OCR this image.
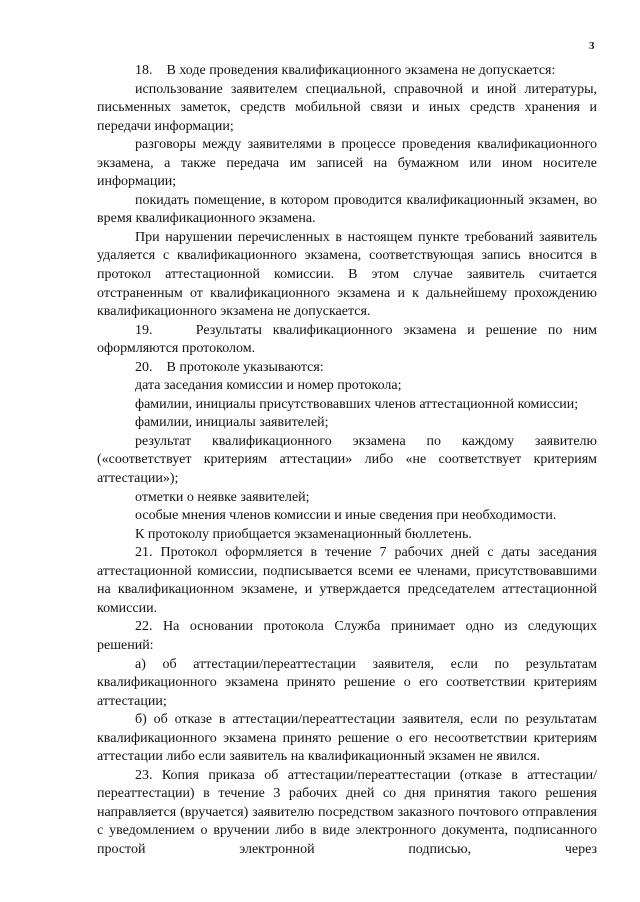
3

18.    В ходе проведения квалификационного экзамена не допускается:

использование заявителем специальной, справочной и иной литературы, письменных заметок, средств мобильной связи и иных средств хранения и передачи информации;

разговоры между заявителями в процессе проведения квалификационного экзамена, а также передача им записей на бумажном или ином носителе информации;

покидать помещение, в котором проводится квалификационный экзамен, во время квалификационного экзамена.

При нарушении перечисленных в настоящем пункте требований заявитель удаляется с квалификационного экзамена, соответствующая запись вносится в протокол аттестационной комиссии. В этом случае заявитель считается отстраненным от квалификационного экзамена и к дальнейшему прохождению квалификационного экзамена не допускается.

19.    Результаты квалификационного экзамена и решение по ним оформляются протоколом.

20.    В протоколе указываются:

дата заседания комиссии и номер протокола;

фамилии, инициалы присутствовавших членов аттестационной комиссии;

фамилии, инициалы заявителей;

результат квалификационного экзамена по каждому заявителю («соответствует критериям аттестации» либо «не соответствует критериям аттестации»);

отметки о неявке заявителей;

особые мнения членов комиссии и иные сведения при необходимости.

К протоколу приобщается экзаменационный бюллетень.

21. Протокол оформляется в течение 7 рабочих дней с даты заседания аттестационной комиссии, подписывается всеми ее членами, присутствовавшими на квалификационном экзамене, и утверждается председателем аттестационной комиссии.

22. На основании протокола Служба принимает одно из следующих решений:

а) об аттестации/переаттестации заявителя, если по результатам квалификационного экзамена принято решение о его соответствии критериям аттестации;

б) об отказе в аттестации/переаттестации заявителя, если по результатам квалификационного экзамена принято решение о его несоответствии критериям аттестации либо если заявитель на квалификационный экзамен не явился.

23. Копия приказа об аттестации/переаттестации (отказе в аттестации/переаттестации) в течение 3 рабочих дней со дня принятия такого решения направляется (вручается) заявителю посредством заказного почтового отправления с уведомлением о вручении либо в виде электронного документа, подписанного простой электронной подписью, через
